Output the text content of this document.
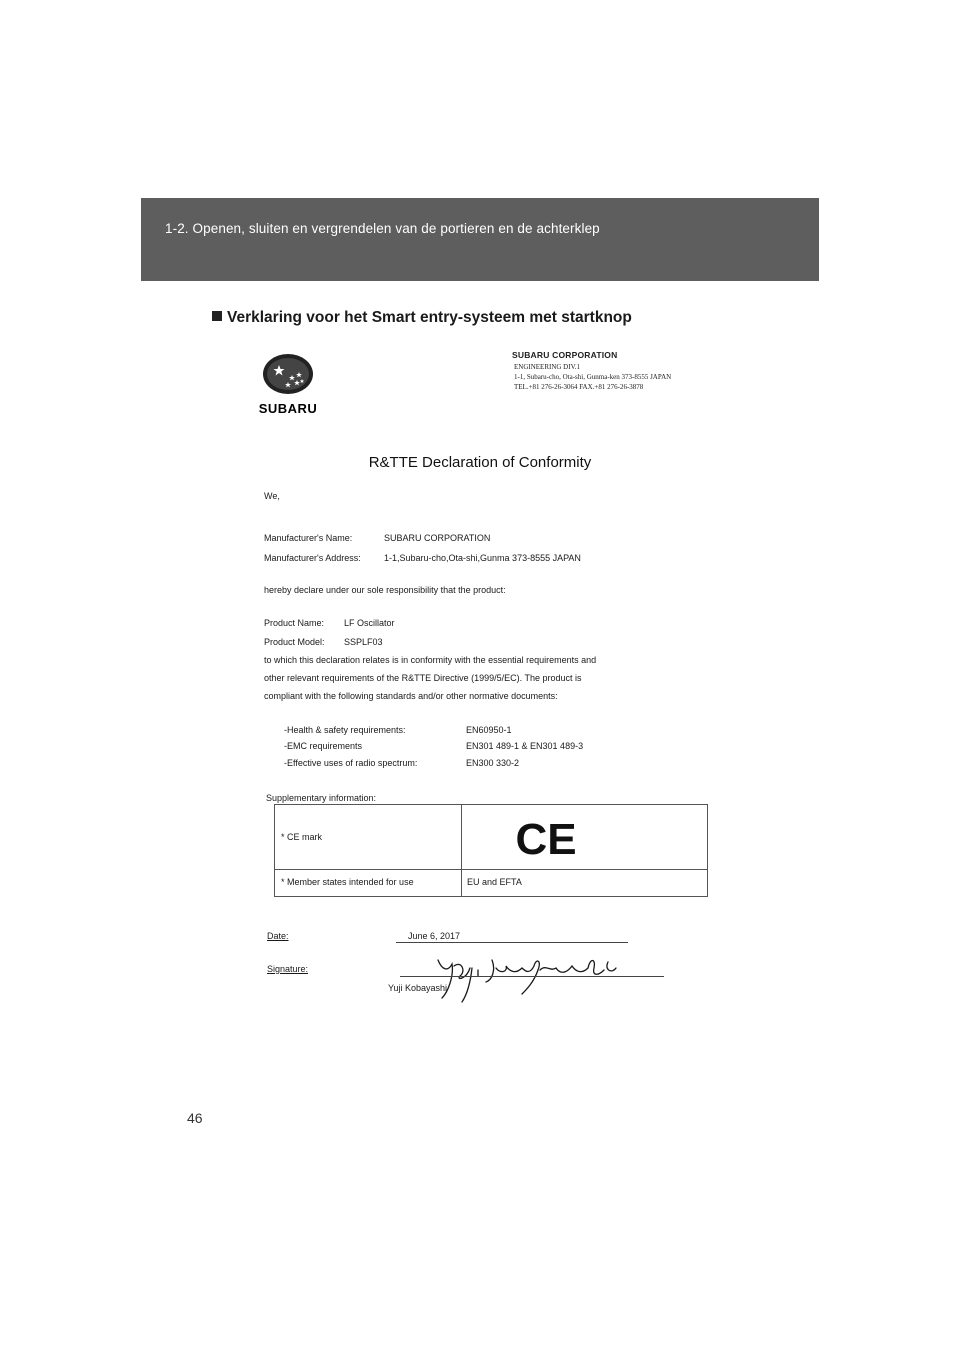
1-2. Openen, sluiten en vergrendelen van de portieren en de achterklep
Verklaring voor het Smart entry-systeem met startknop
SUBARU
SUBARU CORPORATION
ENGINEERING DIV.1
1-1, Subaru-cho, Ota-shi, Gunma-ken 373-8555 JAPAN
TEL.+81 276-26-3064 FAX.+81 276-26-3878
R&TTE Declaration of Conformity
We,
Manufacturer's Name:	SUBARU CORPORATION
Manufacturer's Address:	1-1,Subaru-cho,Ota-shi,Gunma 373-8555 JAPAN
hereby declare under our sole responsibility that the product:
Product Name: LF Oscillator
Product Model: SSPLF03
to which this declaration relates is in conformity with the essential requirements and
other relevant requirements of the R&TTE Directive (1999/5/EC). The product is
compliant with the following standards and/or other normative documents:
-Health & safety requirements:	EN60950-1
-EMC requirements	EN301 489-1 & EN301 489-3
-Effective uses of radio spectrum:	EN300 330-2
Supplementary information:
* CE mark	CE
* Member states intended for use	EU and EFTA
Date:	June 6, 2017
Signature:
Yuji Kobayashi
46
